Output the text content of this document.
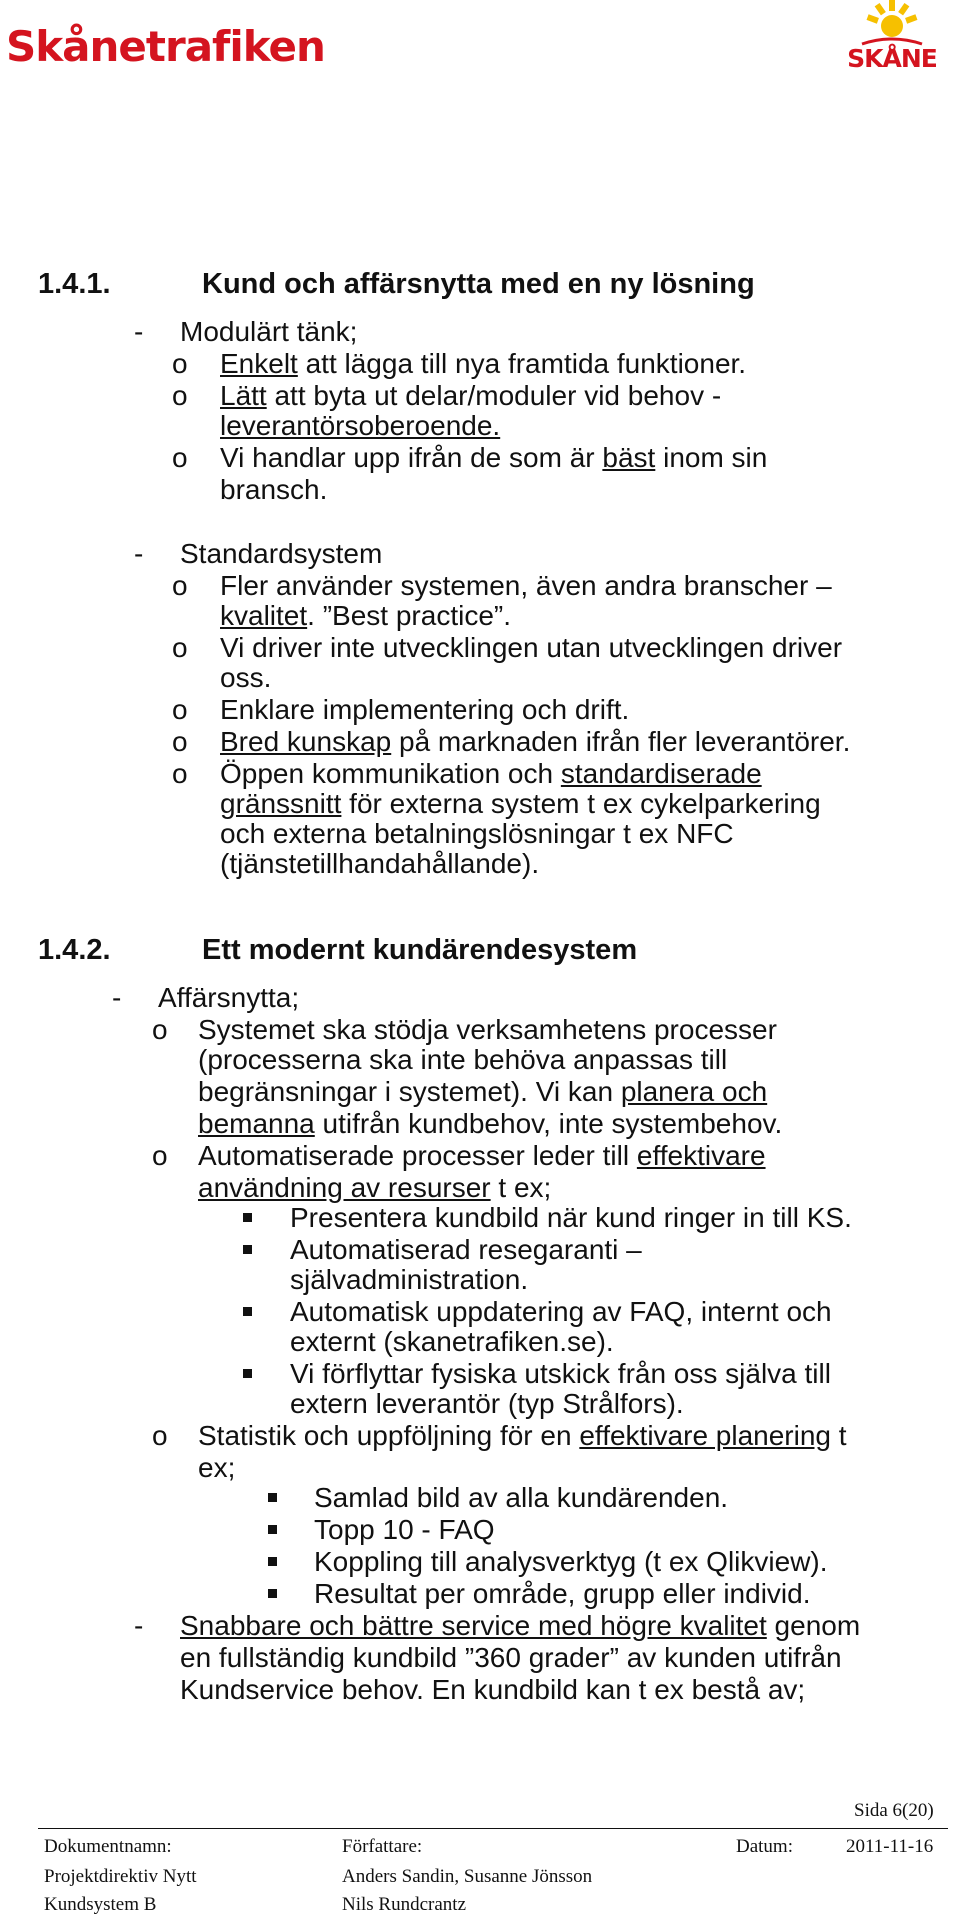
Skånetrafiken	SKÅNE
1.4.1.	Kund och affärsnytta med en ny lösning
- Modulärt tänk;
o Enkelt att lägga till nya framtida funktioner.
o Lätt att byta ut delar/moduler vid behov -
leverantörsoberoende.
o Vi handlar upp ifrån de som är bäst inom sin
bransch.
- Standardsystem
o Fler använder systemen, även andra branscher –
kvalitet. ”Best practice”.
o Vi driver inte utvecklingen utan utvecklingen driver
oss.
o Enklare implementering och drift.
o Bred kunskap på marknaden ifrån fler leverantörer.
o Öppen kommunikation och standardiserade
gränssnitt för externa system t ex cykelparkering
och externa betalningslösningar t ex NFC
(tjänstetillhandahållande).
1.4.2.	Ett modernt kundärendesystem
- Affärsnytta;
o Systemet ska stödja verksamhetens processer
(processerna ska inte behöva anpassas till
begränsningar i systemet). Vi kan planera och
bemanna utifrån kundbehov, inte systembehov.
o Automatiserade processer leder till effektivare
användning av resurser t ex;
Presentera kundbild när kund ringer in till KS.
Automatiserad resegaranti –
självadministration.
Automatisk uppdatering av FAQ, internt och
externt (skanetrafiken.se).
Vi förflyttar fysiska utskick från oss själva till
extern leverantör (typ Strålfors).
o Statistik och uppföljning för en effektivare planering t
ex;
Samlad bild av alla kundärenden.
Topp 10 - FAQ
Koppling till analysverktyg (t ex Qlikview).
Resultat per område, grupp eller individ.
- Snabbare och bättre service med högre kvalitet genom
en fullständig kundbild ”360 grader” av kunden utifrån
Kundservice behov. En kundbild kan t ex bestå av;
Sida 6(20)
Dokumentnamn:
Projektdirektiv Nytt
Kundsystem B
Författare:
Anders Sandin, Susanne Jönsson
Nils Rundcrantz
Datum:	2011-11-16
